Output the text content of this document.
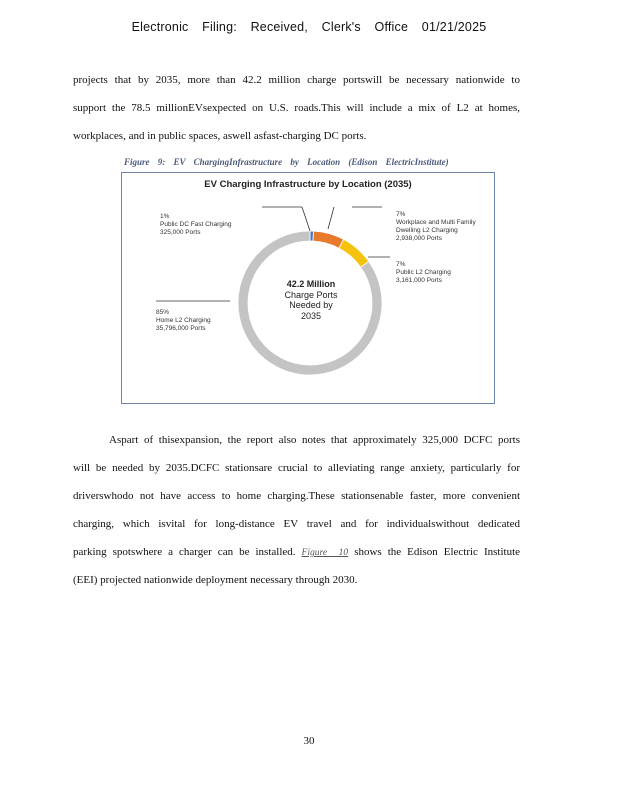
Electronic Filing: Received, Clerk's Office 01/21/2025
projects that by 2035, more than 42.2 million charge portswill be necessary nationwide to
support the 78.5 millionEVsexpected on U.S. roads.This will include a mix of L2 at homes,
workplaces, and in public spaces, aswell asfast-charging DC ports.
Figure 9: EV ChargingInfrastructure by Location (Edison ElectricInstitute)
EV Charging Infrastructure by Location (2035)
1%
Public DC Fast Charging
325,000 Ports
7%
Workplace and Multi Family
Dwelling L2 Charging
2,938,000 Ports
7%
Public L2 Charging
3,161,000 Ports
85%
Home L2 Charging
35,796,000 Ports
42.2 Million
Charge Ports
Needed by
2035
Aspart of thisexpansion, the report also notes that approximately 325,000 DCFC ports
will be needed by 2035.DCFC stationsare crucial to alleviating range anxiety, particularly for
driverswhodo not have access to home charging.These stationsenable faster, more convenient
charging, which isvital for long-distance EV travel and for individualswithout dedicated
parking spotswhere a charger can be installed. Figure 10 shows the Edison Electric Institute
(EEI) projected nationwide deployment necessary through 2030.
30
